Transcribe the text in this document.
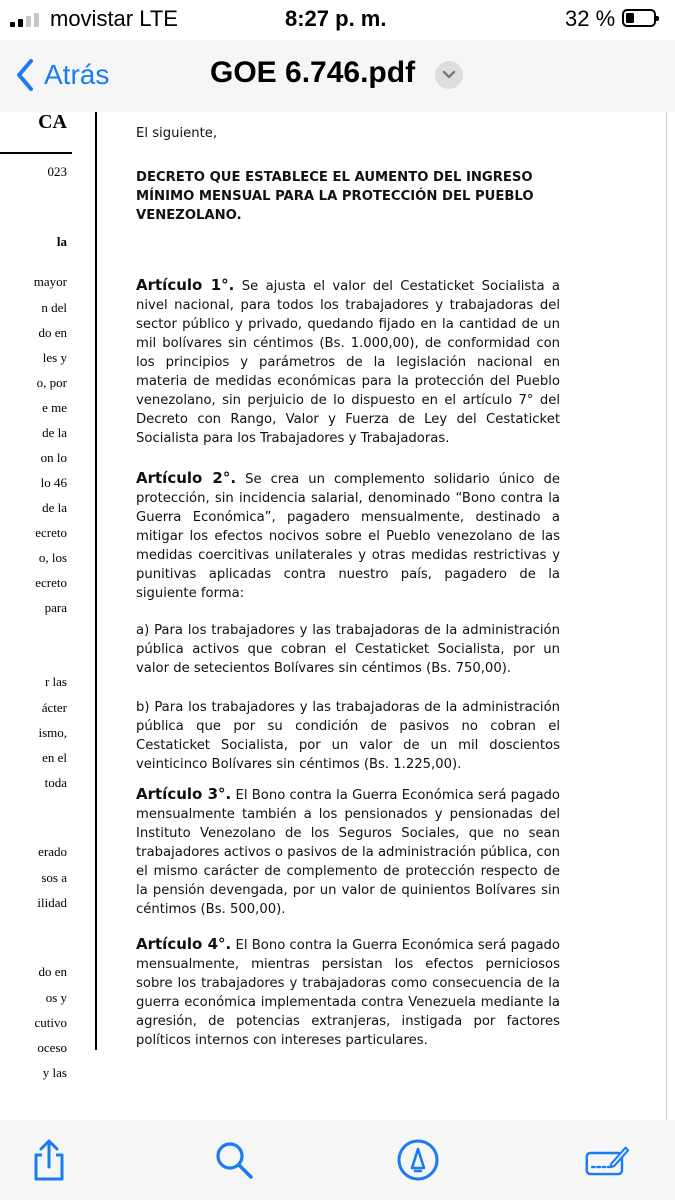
movistar LTE	8:27 p. m.	32 %
Atrás	GOE 6.746.pdf
CA
023
la
mayor
n del
do en
les y
o, por
e me
de la
on lo
lo 46
de la
ecreto
o, los
ecreto
para
r las
ácter
ismo,
en el
toda
erado
sos a
ilidad
do en
os y
cutivo
oceso
y las
El siguiente,
DECRETO QUE ESTABLECE EL AUMENTO DEL INGRESO MÍNIMO MENSUAL PARA LA PROTECCIÓN DEL PUEBLO VENEZOLANO.
Artículo 1°. Se ajusta el valor del Cestaticket Socialista a nivel nacional, para todos los trabajadores y trabajadoras del sector público y privado, quedando fijado en la cantidad de un mil bolívares sin céntimos (Bs. 1.000,00), de conformidad con los principios y parámetros de la legislación nacional en materia de medidas económicas para la protección del Pueblo venezolano, sin perjuicio de lo dispuesto en el artículo 7° del Decreto con Rango, Valor y Fuerza de Ley del Cestaticket Socialista para los Trabajadores y Trabajadoras.
Artículo 2°. Se crea un complemento solidario único de protección, sin incidencia salarial, denominado “Bono contra la Guerra Económica”, pagadero mensualmente, destinado a mitigar los efectos nocivos sobre el Pueblo venezolano de las medidas coercitivas unilaterales y otras medidas restrictivas y punitivas aplicadas contra nuestro país, pagadero de la siguiente forma:
a) Para los trabajadores y las trabajadoras de la administración pública activos que cobran el Cestaticket Socialista, por un valor de setecientos Bolívares sin céntimos (Bs. 750,00).
b) Para los trabajadores y las trabajadoras de la administración pública que por su condición de pasivos no cobran el Cestaticket Socialista, por un valor de un mil doscientos veinticinco Bolívares sin céntimos (Bs. 1.225,00).
Artículo 3°. El Bono contra la Guerra Económica será pagado mensualmente también a los pensionados y pensionadas del Instituto Venezolano de los Seguros Sociales, que no sean trabajadores activos o pasivos de la administración pública, con el mismo carácter de complemento de protección respecto de la pensión devengada, por un valor de quinientos Bolívares sin céntimos (Bs. 500,00).
Artículo 4°. El Bono contra la Guerra Económica será pagado mensualmente, mientras persistan los efectos perniciosos sobre los trabajadores y trabajadoras como consecuencia de la guerra económica implementada contra Venezuela mediante la agresión, de potencias extranjeras, instigada por factores políticos internos con intereses particulares.
